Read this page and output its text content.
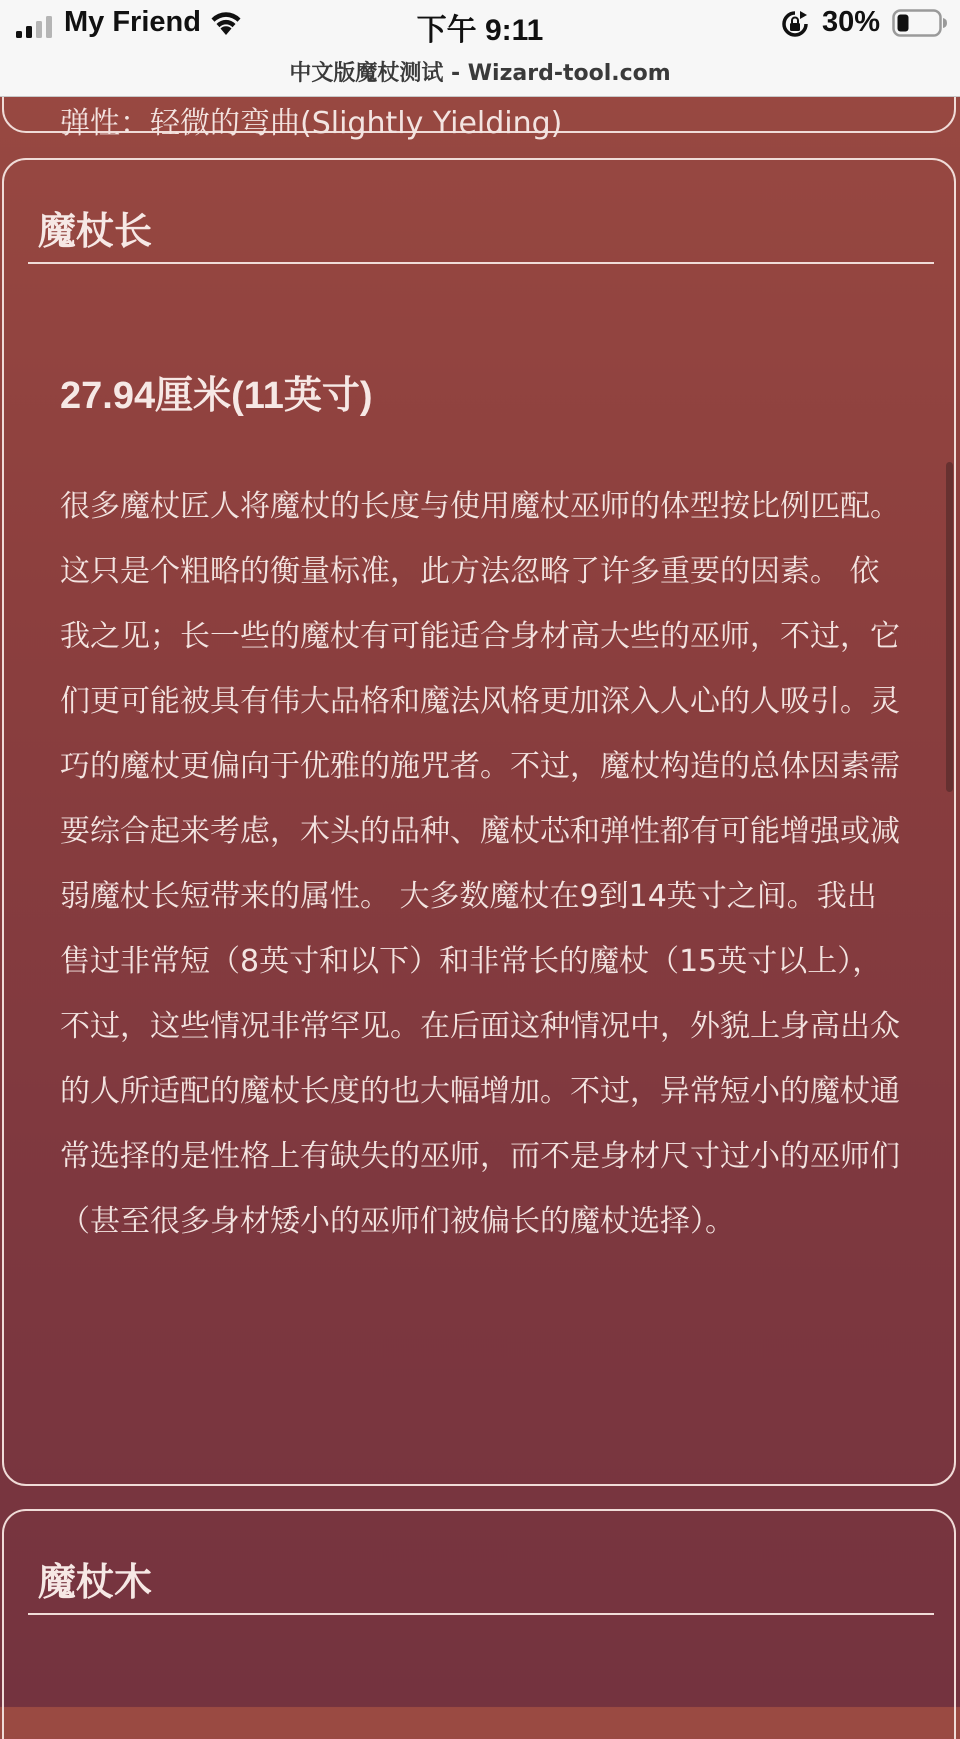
My Friend	下午 9:11	30%
中文版魔杖测试 - Wizard-tool.com
弹性：轻微的弯曲(Slightly Yielding)
魔杖长
27.94厘米(11英寸)

很多魔杖匠人将魔杖的长度与使用魔杖巫师的体型按比例匹配。这只是个粗略的衡量标准，此方法忽略了许多重要的因素。 依我之见；长一些的魔杖有可能适合身材高大些的巫师，不过，它们更可能被具有伟大品格和魔法风格更加深入人心的人吸引。灵巧的魔杖更偏向于优雅的施咒者。不过，魔杖构造的总体因素需要综合起来考虑，木头的品种、魔杖芯和弹性都有可能增强或减弱魔杖长短带来的属性。 大多数魔杖在9到14英寸之间。我出售过非常短（8英寸和以下）和非常长的魔杖（15英寸以上），不过，这些情况非常罕见。在后面这种情况中，外貌上身高出众的人所适配的魔杖长度的也大幅增加。不过，异常短小的魔杖通常选择的是性格上有缺失的巫师，而不是身材尺寸过小的巫师们（甚至很多身材矮小的巫师们被偏长的魔杖选择）。

魔杖木
